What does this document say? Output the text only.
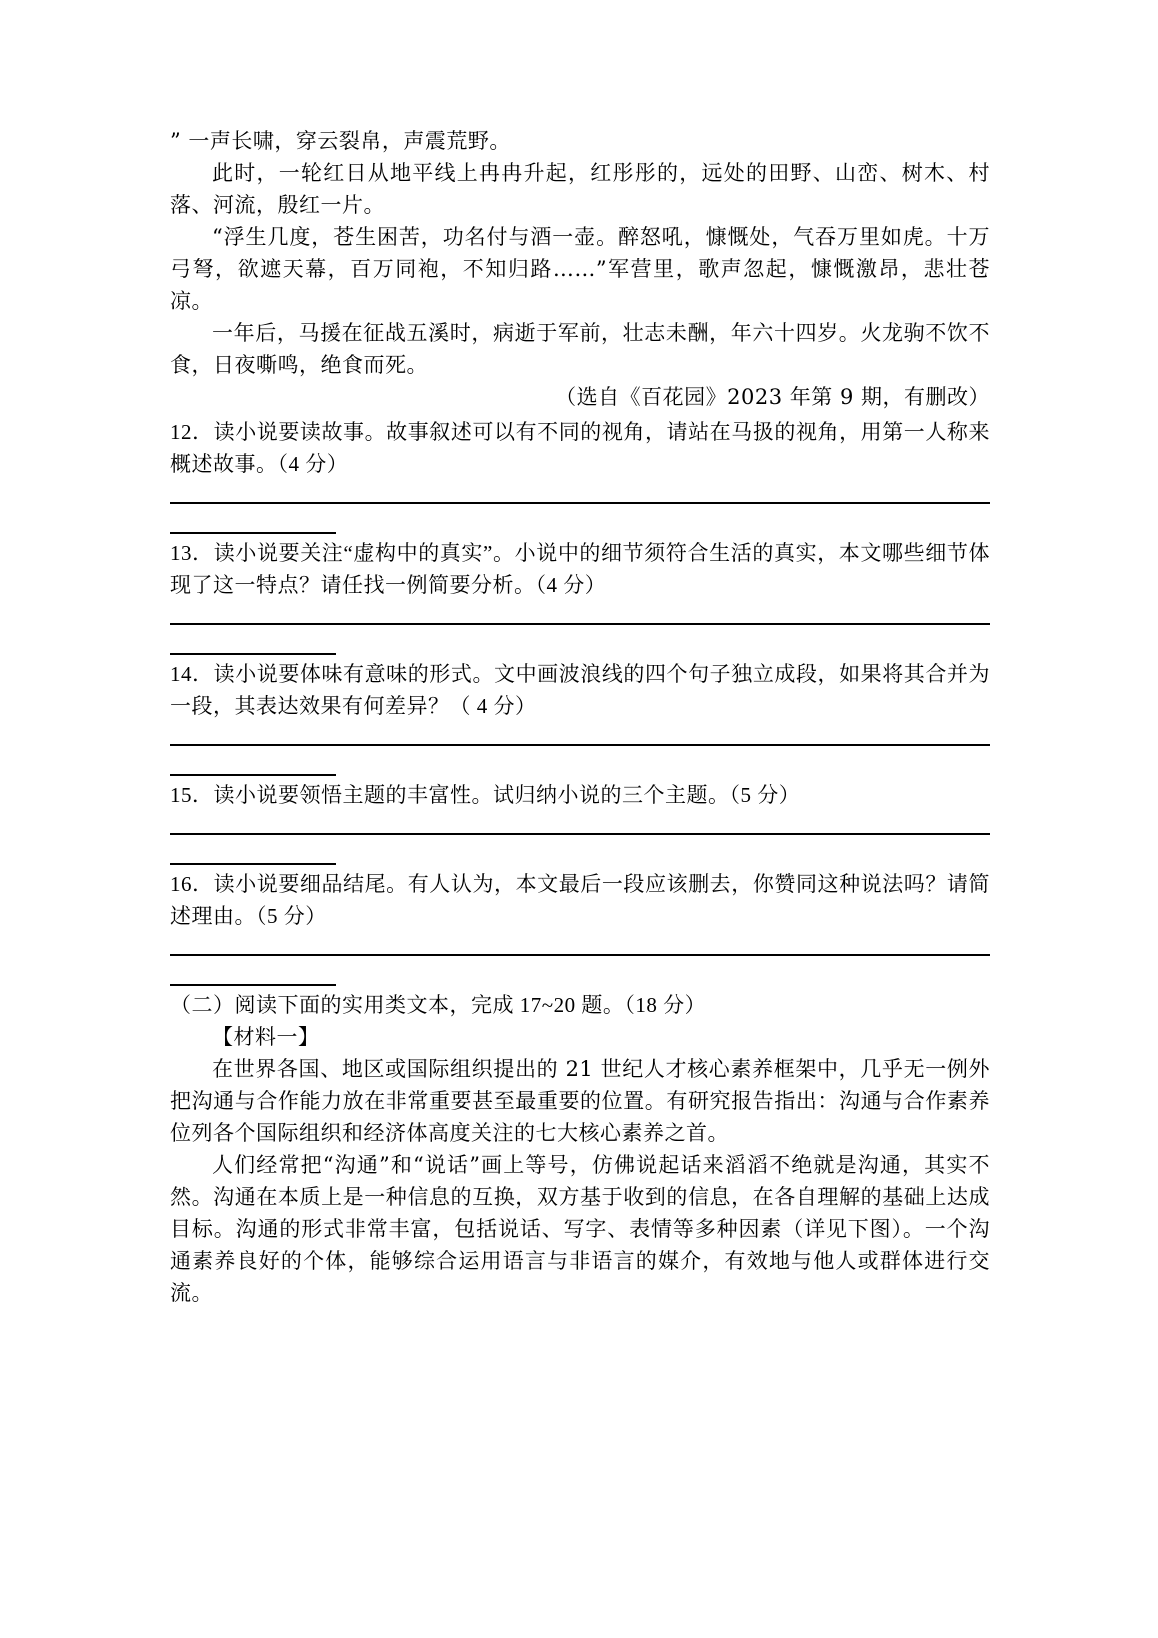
” 一声长啸，穿云裂帛，声震荒野。

此时，一轮红日从地平线上冉冉升起，红彤彤的，远处的田野、山峦、树木、村落、河流，殷红一片。

“浮生几度，苍生困苦，功名付与酒一壶。醉怒吼，慷慨处，气吞万里如虎。十万弓弩，欲遮天幕，百万同袍，不知归路……”军营里，歌声忽起，慷慨激昂，悲壮苍凉。

一年后，马援在征战五溪时，病逝于军前，壮志未酬，年六十四岁。火龙驹不饮不食，日夜嘶鸣，绝食而死。

（选自《百花园》2023 年第 9 期，有删改）

12．读小说要读故事。故事叙述可以有不同的视角，请站在马扱的视角，用第一人称来概述故事。（4 分）

13．读小说要关注“虚构中的真实”。小说中的细节须符合生活的真实，本文哪些细节体现了这一特点？请任找一例简要分析。（4 分）

14．读小说要体味有意味的形式。文中画波浪线的四个句子独立成段，如果将其合并为一段，其表达效果有何差异？（ 4 分）

15．读小说要领悟主题的丰富性。试归纳小说的三个主题。（5 分）

16．读小说要细品结尾。有人认为，本文最后一段应该删去，你赞同这种说法吗？请简述理由。（5 分）

（二）阅读下面的实用类文本，完成 17~20 题。（18 分）

【材料一】

在世界各国、地区或国际组织提出的 21 世纪人才核心素养框架中，几乎无一例外把沟通与合作能力放在非常重要甚至最重要的位置。有研究报告指出：沟通与合作素养位列各个国际组织和经济体高度关注的七大核心素养之首。

人们经常把“沟通”和“说话”画上等号，仿佛说起话来滔滔不绝就是沟通，其实不然。沟通在本质上是一种信息的互换，双方基于收到的信息，在各自理解的基础上达成目标。沟通的形式非常丰富，包括说话、写字、表情等多种因素（详见下图）。一个沟通素养良好的个体，能够综合运用语言与非语言的媒介，有效地与他人或群体进行交流。
